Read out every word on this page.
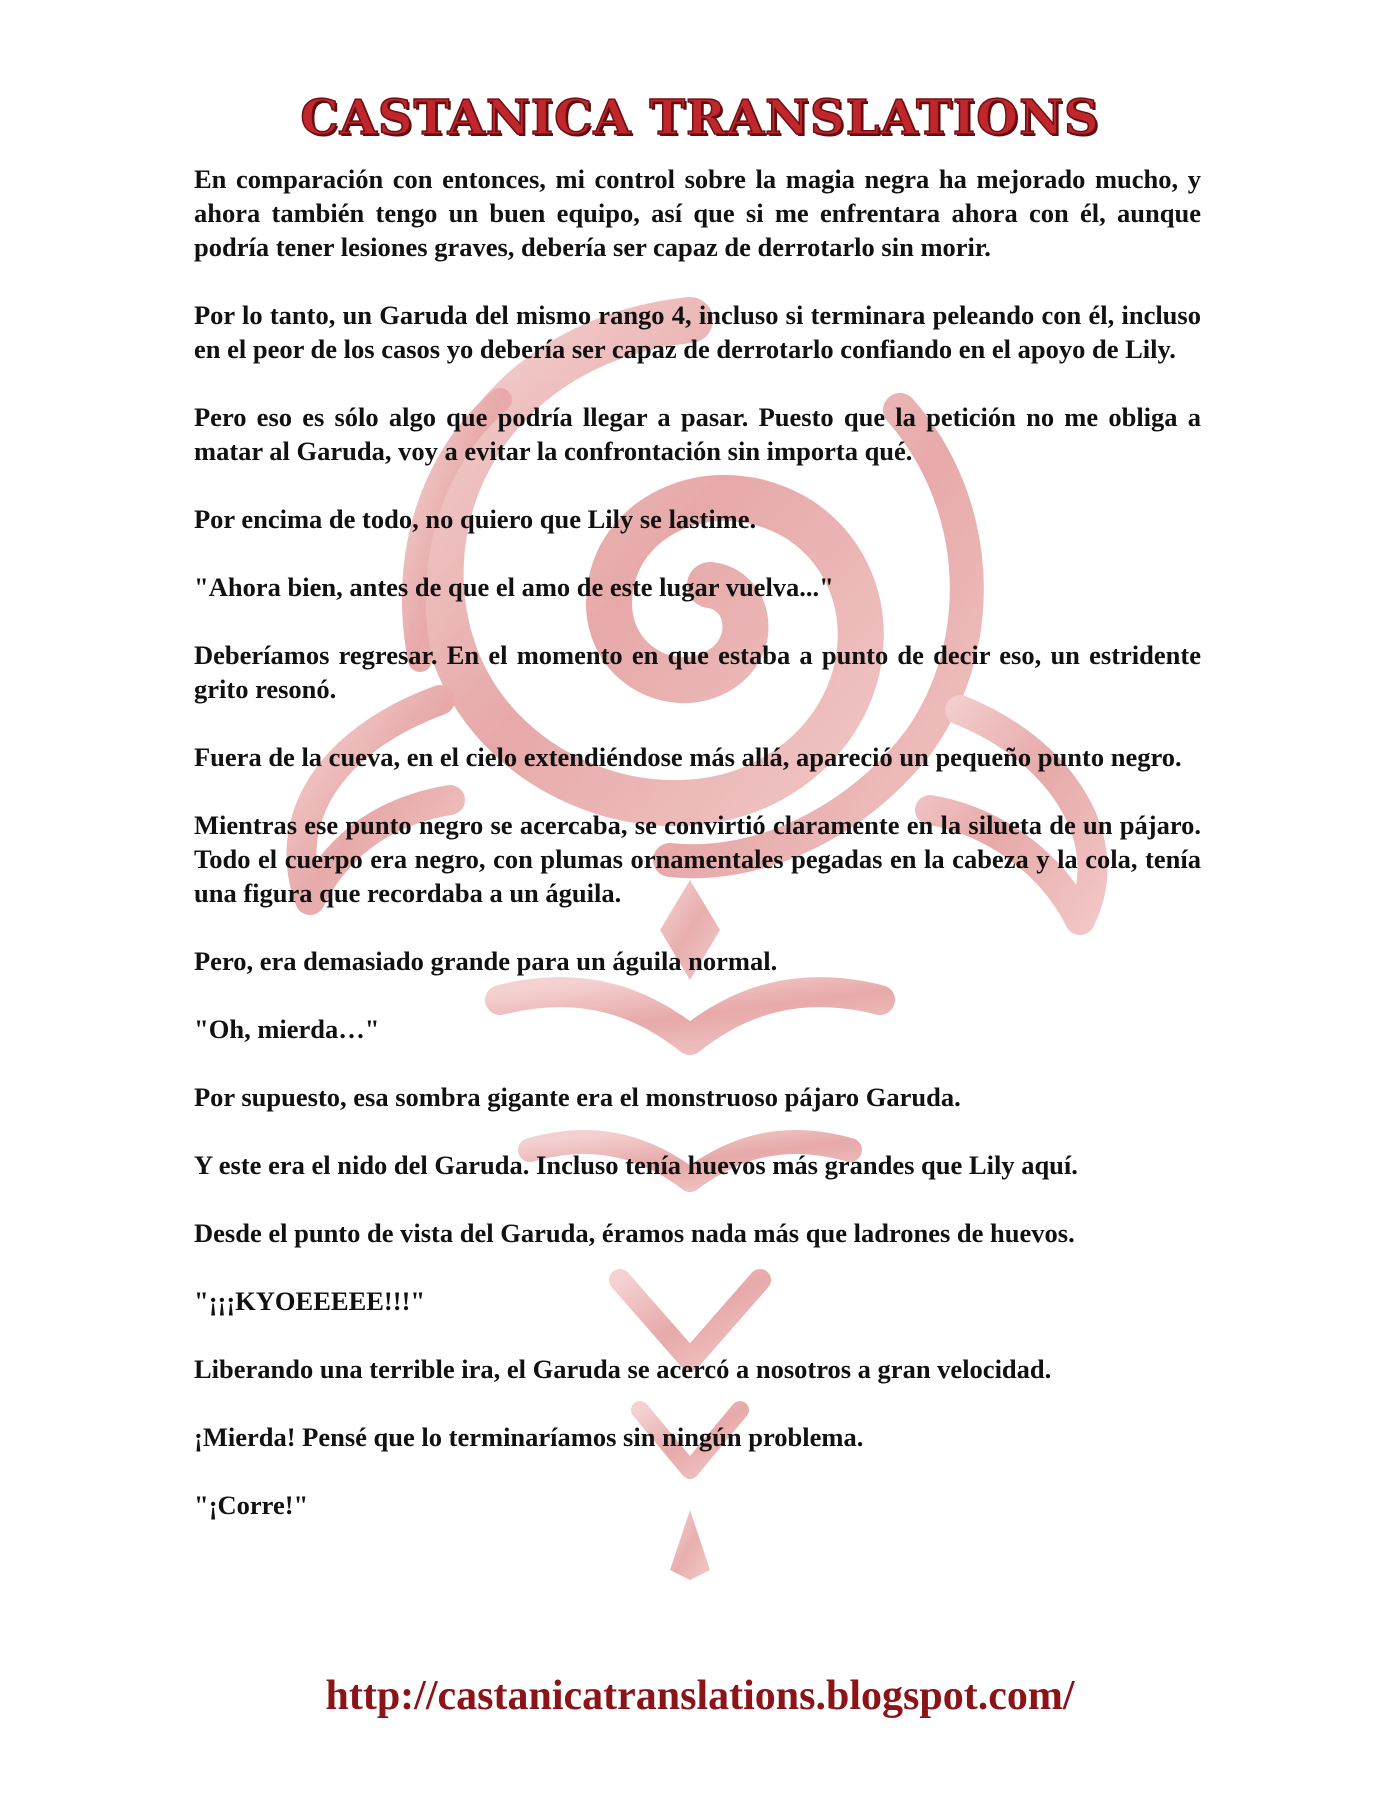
CASTANICA TRANSLATIONS

En comparación con entonces, mi control sobre la magia negra ha mejorado mucho, y ahora también tengo un buen equipo, así que si me enfrentara ahora con él, aunque podría tener lesiones graves, debería ser capaz de derrotarlo sin morir.

Por lo tanto, un Garuda del mismo rango 4, incluso si terminara peleando con él, incluso en el peor de los casos yo debería ser capaz de derrotarlo confiando en el apoyo de Lily.

Pero eso es sólo algo que podría llegar a pasar. Puesto que la petición no me obliga a matar al Garuda, voy a evitar la confrontación sin importa qué.

Por encima de todo, no quiero que Lily se lastime.

"Ahora bien, antes de que el amo de este lugar vuelva..."

Deberíamos regresar. En el momento en que estaba a punto de decir eso, un estridente grito resonó.

Fuera de la cueva, en el cielo extendiéndose más allá, apareció un pequeño punto negro.

Mientras ese punto negro se acercaba, se convirtió claramente en la silueta de un pájaro. Todo el cuerpo era negro, con plumas ornamentales pegadas en la cabeza y la cola, tenía una figura que recordaba a un águila.

Pero, era demasiado grande para un águila normal.

"Oh, mierda…"

Por supuesto, esa sombra gigante era el monstruoso pájaro Garuda.

Y este era el nido del Garuda. Incluso tenía huevos más grandes que Lily aquí.

Desde el punto de vista del Garuda, éramos nada más que ladrones de huevos.

"¡¡¡KYOEEEEE!!!"

Liberando una terrible ira, el Garuda se acercó a nosotros a gran velocidad.

¡Mierda! Pensé que lo terminaríamos sin ningún problema.

"¡Corre!"

http://castanicatranslations.blogspot.com/
